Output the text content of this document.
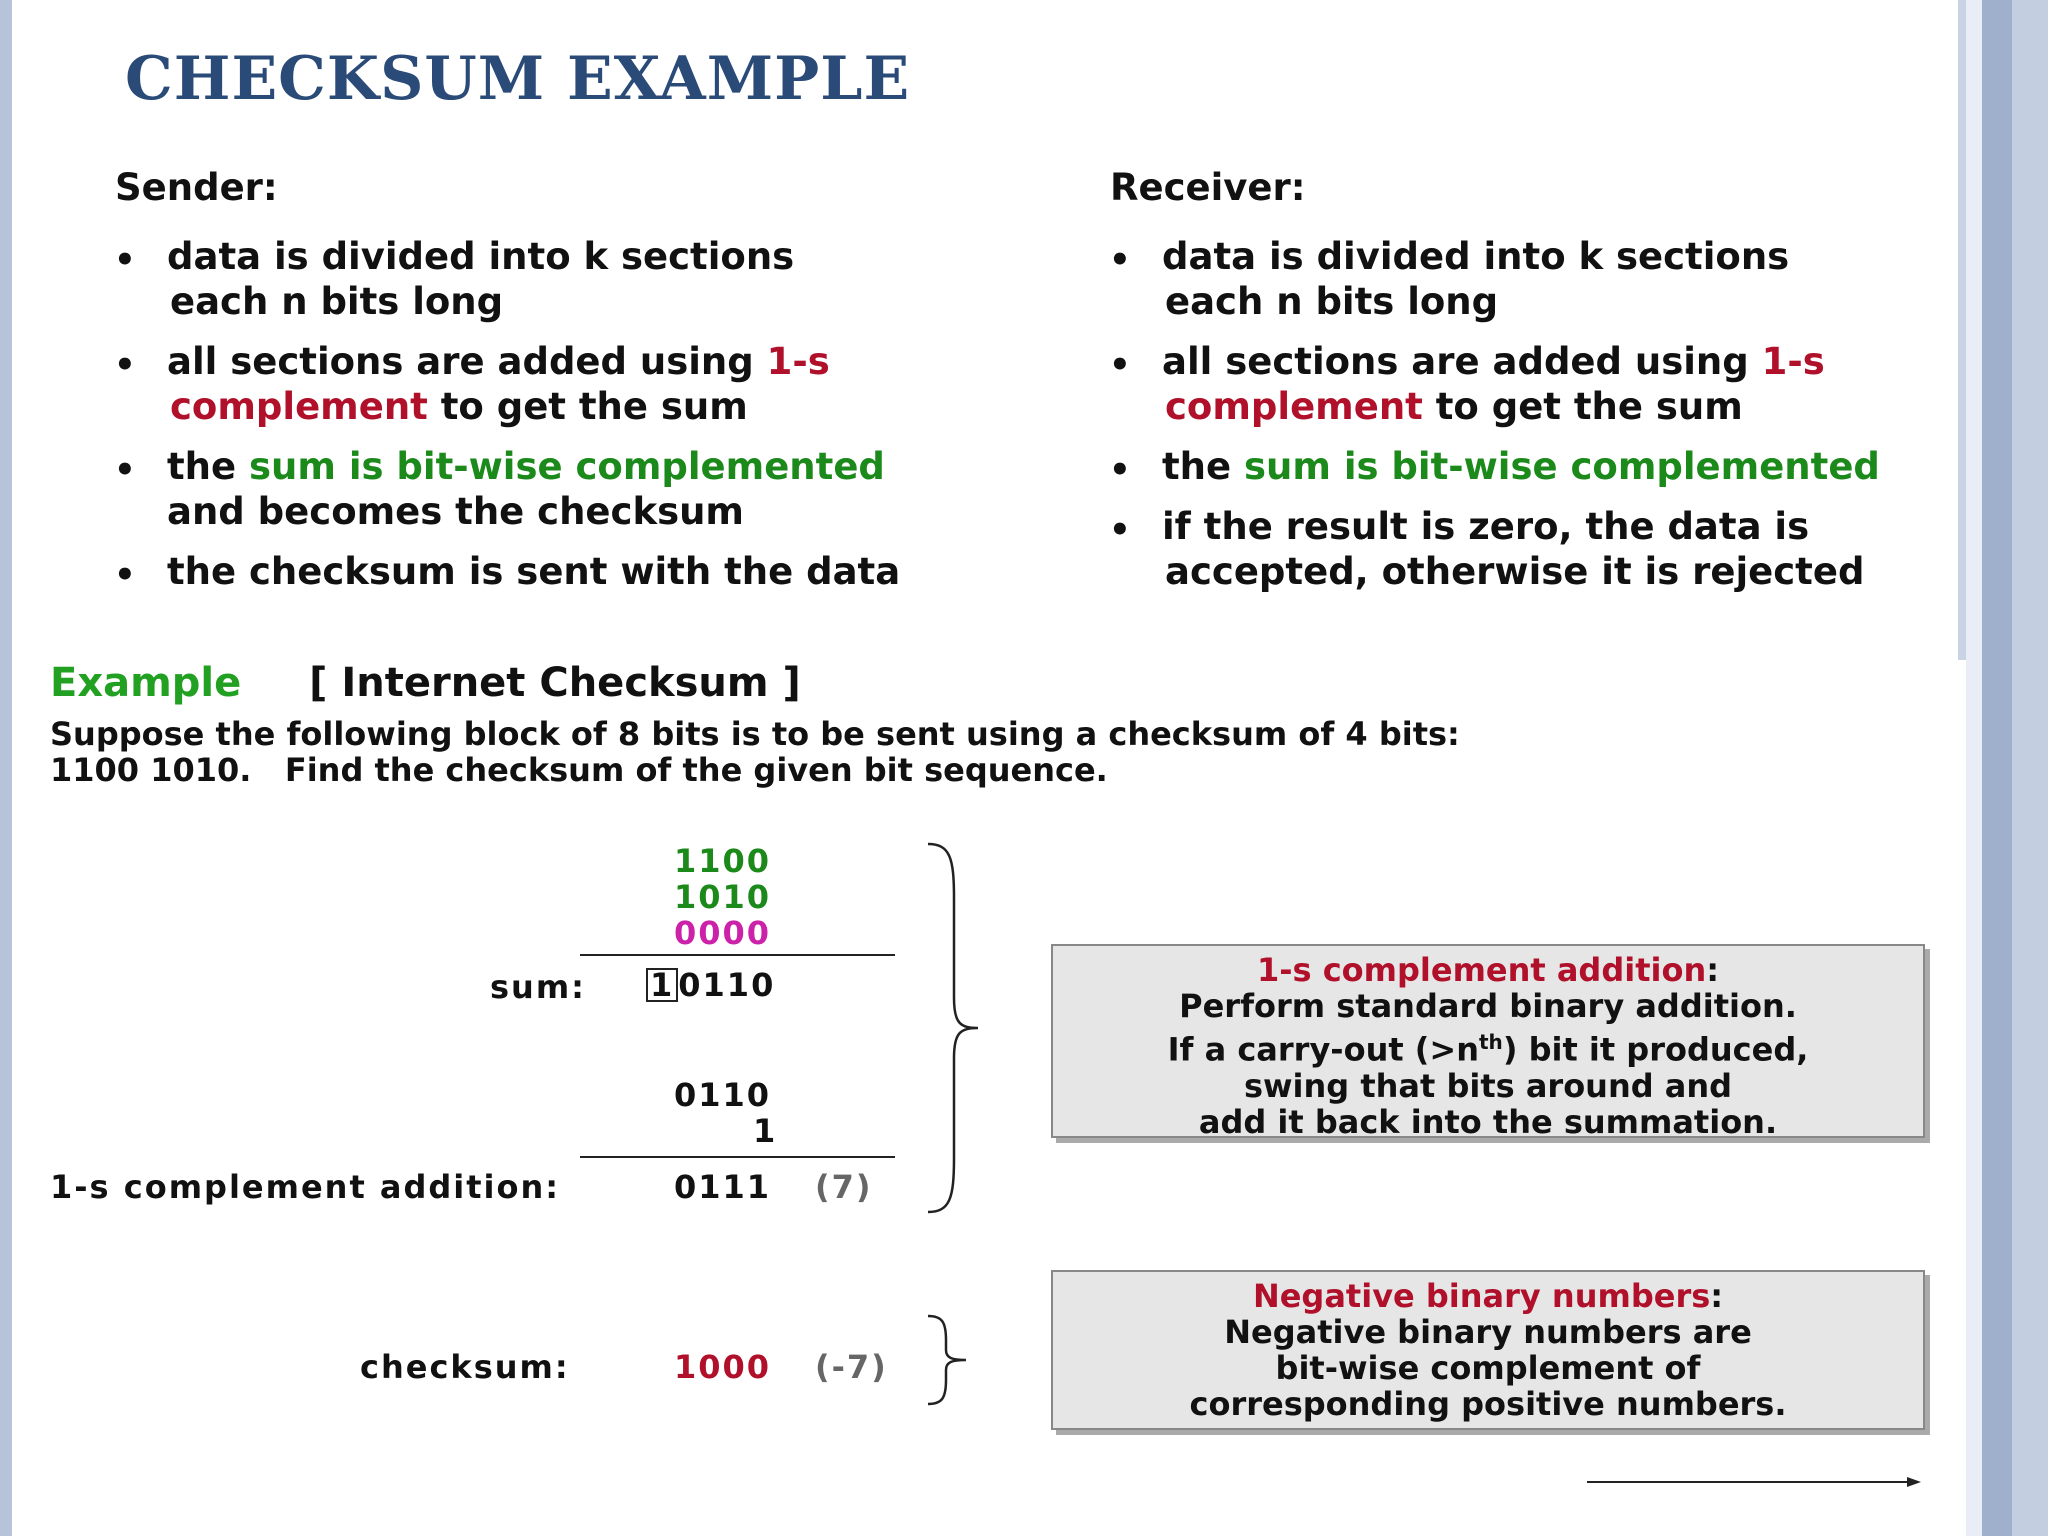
CHECKSUM EXAMPLE
Sender:
• data is divided into k sections
each n bits long
• all sections are added using 1-s
complement to get the sum
• the sum is bit-wise complemented
and becomes the checksum
• the checksum is sent with the data
Receiver:
• data is divided into k sections
each n bits long
• all sections are added using 1-s
complement to get the sum
• the sum is bit-wise complemented
• if the result is zero, the data is
accepted, otherwise it is rejected
Example [ Internet Checksum ]
Suppose the following block of 8 bits is to be sent using a checksum of 4 bits:
1100 1010.   Find the checksum of the given bit sequence.
1100
1010
0000
sum: 1 0110
0110
1
1-s complement addition:	0111 (7)
checksum:	1000 (-7)
1-s complement addition:
Perform standard binary addition.
If a carry-out $(>n^{th})$ bit it produced,
swing that bits around and
add it back into the summation.
Negative binary numbers:
Negative binary numbers are
bit-wise complement of
corresponding positive numbers.
